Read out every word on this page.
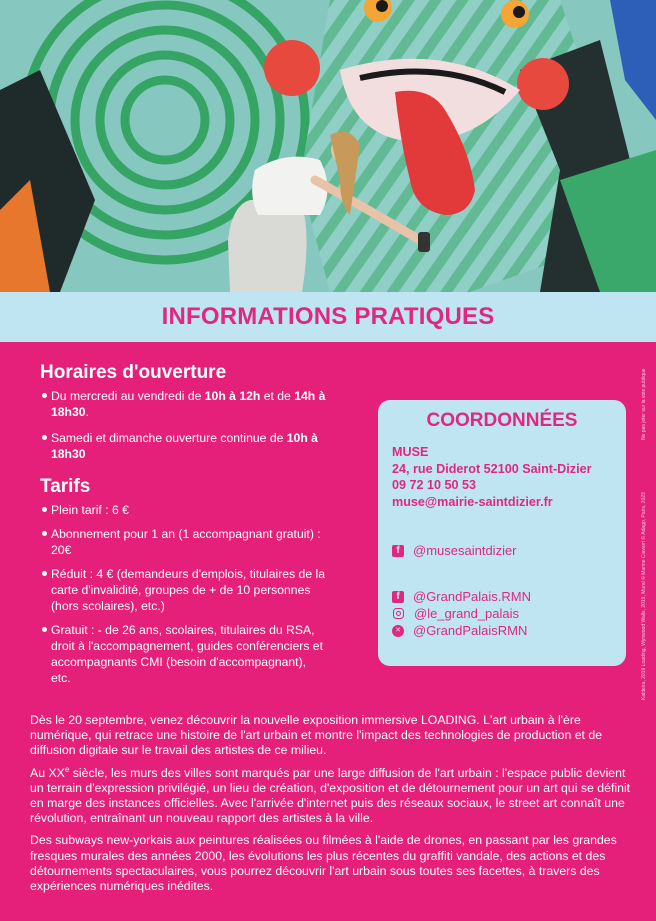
INFORMATIONS PRATIQUES
Horaires d'ouverture
Du mercredi au vendredi de 10h à 12h et de 14h à 18h30.
Samedi et dimanche ouverture continue de 10h à 18h30
Tarifs
Plein tarif : 6 €
Abonnement pour 1 an (1 accompagnant gratuit) : 20€
Réduit : 4 € (demandeurs d'emplois, titulaires de la carte d'invalidité, groupes de + de 10 personnes (hors scolaires), etc.)
Gratuit : - de 26 ans, scolaires, titulaires du RSA, droit à l'accompagnement, guides conférenciers et accompagnants CMI (besoin d'accompagnant), etc.
COORDONNÉES
MUSE
24, rue Diderot 52100 Saint-Dizier
09 72 10 50 53
muse@mairie-saintdizier.fr
f	@musesaintdizier
f	@GrandPalais.RMN
@le_grand_palais
✕ @GrandPalaisRMN
Ne pas jeter sur la voie publique
Kaldeira, 2019 Loading, Wynwood Walls, 2019, Mural © Marine Ciavarri © Adagp, Paris, 2023

Dès le 20 septembre, venez découvrir la nouvelle exposition immersive LOADING. L'art urbain à l'ère numérique, qui retrace une histoire de l'art urbain et montre l'impact des technologies de production et de diffusion digitale sur le travail des artistes de ce milieu.

Au XXe siècle, les murs des villes sont marqués par une large diffusion de l'art urbain : l'espace public devient un terrain d'expression privilégié, un lieu de création, d'exposition et de détournement pour un art qui se définit en marge des instances officielles. Avec l'arrivée d'internet puis des réseaux sociaux, le street art connaît une révolution, entraînant un nouveau rapport des artistes à la ville.

Des subways new-yorkais aux peintures réalisées ou filmées à l'aide de drones, en passant par les grandes fresques murales des années 2000, les évolutions les plus récentes du graffiti vandale, des actions et des détournements spectaculaires, vous pourrez découvrir l'art urbain sous toutes ses facettes, à travers des expériences numériques inédites.
